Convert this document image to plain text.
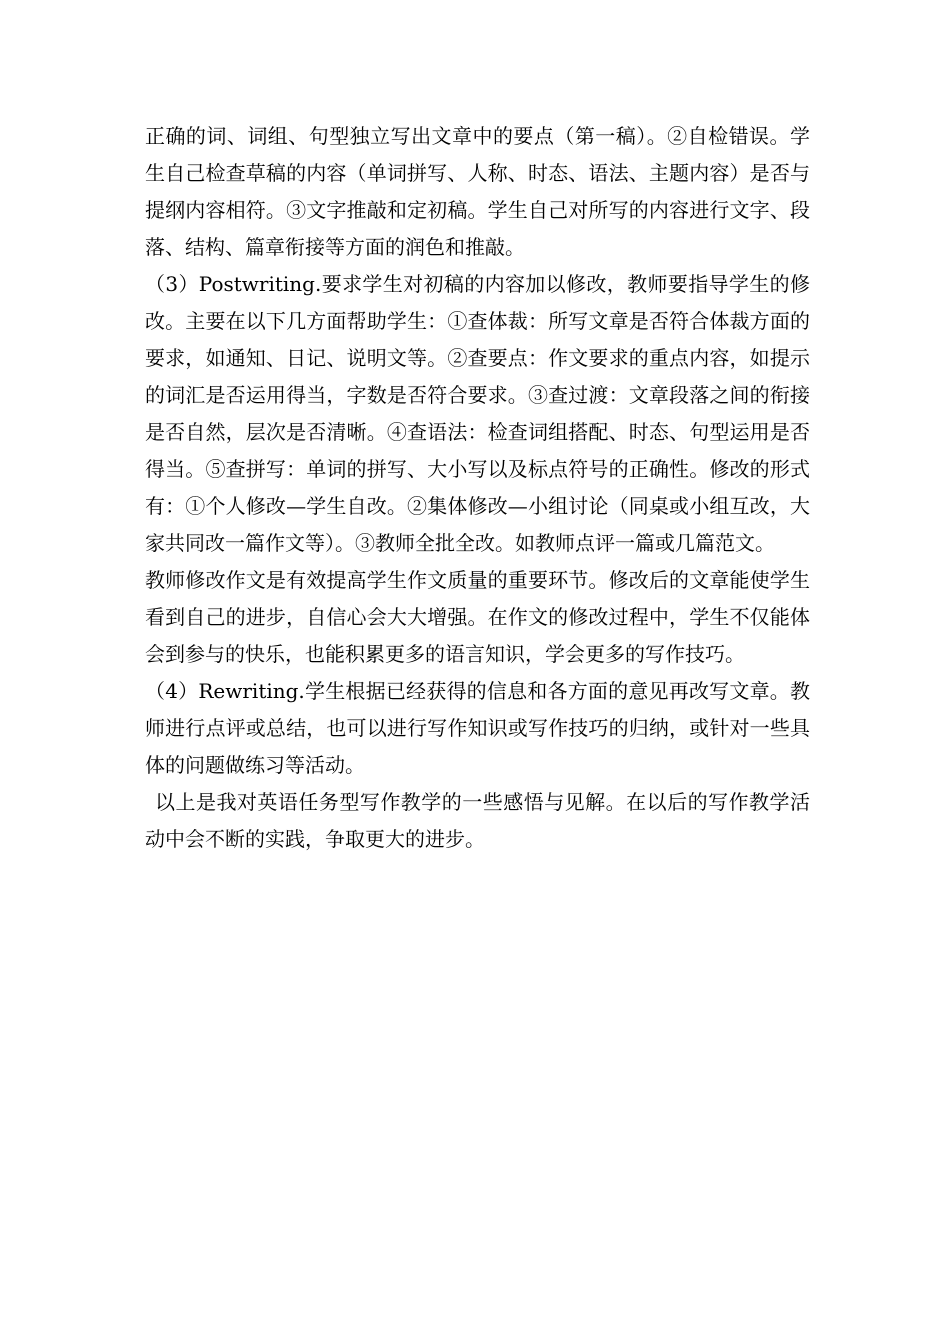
正确的词、词组、句型独立写出文章中的要点（第一稿）。②自检错误。学生自己检查草稿的内容（单词拼写、人称、时态、语法、主题内容）是否与提纲内容相符。③文字推敲和定初稿。学生自己对所写的内容进行文字、段落、结构、篇章衔接等方面的润色和推敲。

（3）Postwriting.要求学生对初稿的内容加以修改，教师要指导学生的修改。主要在以下几方面帮助学生：①查体裁：所写文章是否符合体裁方面的要求，如通知、日记、说明文等。②查要点：作文要求的重点内容，如提示的词汇是否运用得当，字数是否符合要求。③查过渡：文章段落之间的衔接是否自然，层次是否清晰。④查语法：检查词组搭配、时态、句型运用是否得当。⑤查拼写：单词的拼写、大小写以及标点符号的正确性。修改的形式有：①个人修改—学生自改。②集体修改—小组讨论（同桌或小组互改，大家共同改一篇作文等）。③教师全批全改。如教师点评一篇或几篇范文。

教师修改作文是有效提高学生作文质量的重要环节。修改后的文章能使学生看到自己的进步，自信心会大大增强。在作文的修改过程中，学生不仅能体会到参与的快乐，也能积累更多的语言知识，学会更多的写作技巧。

（4）Rewriting.学生根据已经获得的信息和各方面的意见再改写文章。教师进行点评或总结，也可以进行写作知识或写作技巧的归纳，或针对一些具体的问题做练习等活动。

以上是我对英语任务型写作教学的一些感悟与见解。在以后的写作教学活动中会不断的实践，争取更大的进步。
